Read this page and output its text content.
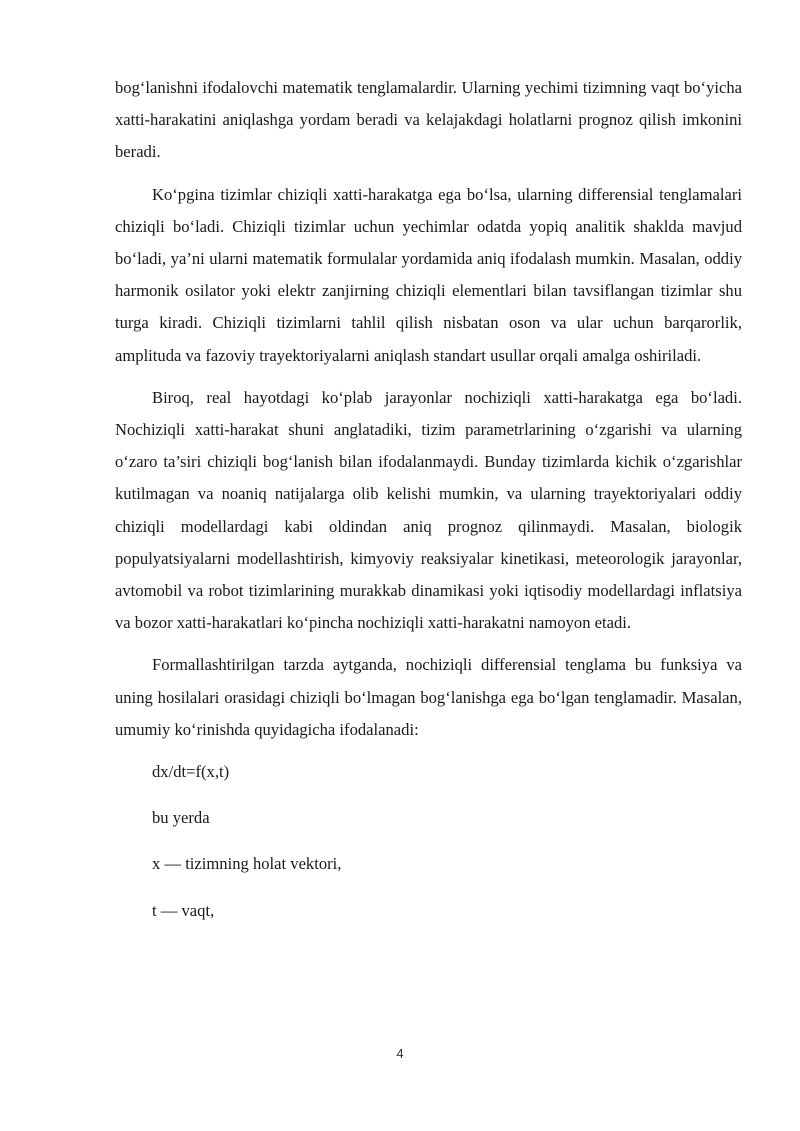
bog‘lanishni ifodalovchi matematik tenglamalardir. Ularning yechimi tizimning vaqt bo‘yicha xatti-harakatini aniqlashga yordam beradi va kelajakdagi holatlarni prognoz qilish imkonini beradi.

Ko‘pgina tizimlar chiziqli xatti-harakatga ega bo‘lsa, ularning differensial tenglamalari chiziqli bo‘ladi. Chiziqli tizimlar uchun yechimlar odatda yopiq analitik shaklda mavjud bo‘ladi, ya’ni ularni matematik formulalar yordamida aniq ifodalash mumkin. Masalan, oddiy harmonik osilator yoki elektr zanjirning chiziqli elementlari bilan tavsiflangan tizimlar shu turga kiradi. Chiziqli tizimlarni tahlil qilish nisbatan oson va ular uchun barqarorlik, amplituda va fazoviy trayektoriyalarni aniqlash standart usullar orqali amalga oshiriladi.

Biroq, real hayotdagi ko‘plab jarayonlar nochiziqli xatti-harakatga ega bo‘ladi. Nochiziqli xatti-harakat shuni anglatadiki, tizim parametrlarining o‘zgarishi va ularning o‘zaro ta’siri chiziqli bog‘lanish bilan ifodalanmaydi. Bunday tizimlarda kichik o‘zgarishlar kutilmagan va noaniq natijalarga olib kelishi mumkin, va ularning trayektoriyalari oddiy chiziqli modellardagi kabi oldindan aniq prognoz qilinmaydi. Masalan, biologik populyatsiyalarni modellashtirish, kimyoviy reaksiyalar kinetikasi, meteorologik jarayonlar, avtomobil va robot tizimlarining murakkab dinamikasi yoki iqtisodiy modellardagi inflatsiya va bozor xatti-harakatlari ko‘pincha nochiziqli xatti-harakatni namoyon etadi.

Formallashtirilgan tarzda aytganda, nochiziqli differensial tenglama bu funksiya va uning hosilalari orasidagi chiziqli bo‘lmagan bog‘lanishga ega bo‘lgan tenglamadir. Masalan, umumiy ko‘rinishda quyidagicha ifodalanadi:

dx/dt=f(x,t)
bu yerda
x — tizimning holat vektori,
t — vaqt,
4
